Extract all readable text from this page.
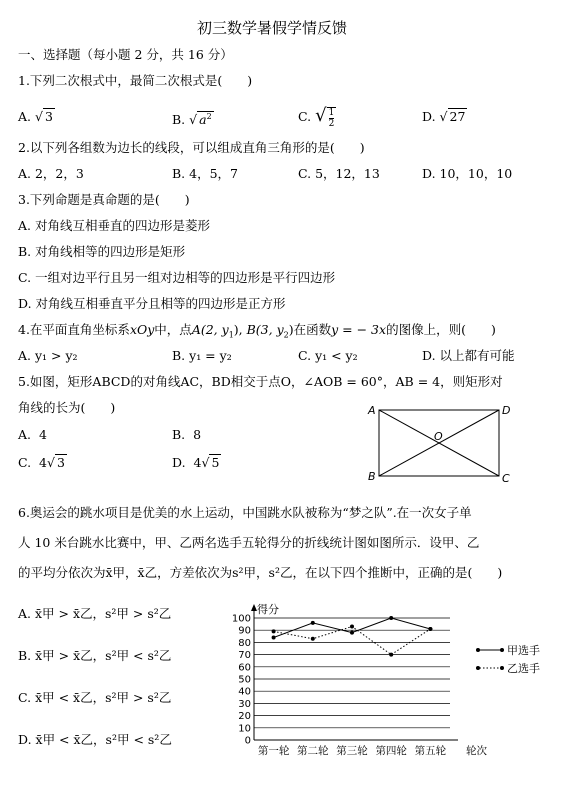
初三数学暑假学情反馈
一、选择题（每小题 2 分，共 16 分）
1.下列二次根式中，最简二次根式是(　　)
A. √ 3	B. √ $a^2$	C. √ $\frac{1}{2}$	D. √ 27
2.以下列各组数为边长的线段，可以组成直角三角形的是(　　)
A. 2，2，3	B. 4，5，7	C. 5，12，13	D. 10，10，10
3.下列命题是真命题的是(　　)
A. 对角线互相垂直的四边形是菱形
B. 对角线相等的四边形是矩形
C. 一组对边平行且另一组对边相等的四边形是平行四边形
D. 对角线互相垂直平分且相等的四边形是正方形
4.在平面直角坐标系xOy中，点A(2, $y_1$), B(3, $y_2$)在函数y = − 3x的图像上，则(　　)
A. y₁ > y₂	B. y₁ = y₂	C. y₁ < y₂	D. 以上都有可能
5.如图，矩形ABCD的对角线AC，BD相交于点O，∠AOB = 60°，AB = 4，则矩形对
角线的长为(　　)
A. 4	B. 8
C. 4√ 3	D. 4√ 5
A
B	C
D
O
6.奥运会的跳水项目是优美的水上运动，中国跳水队被称为“梦之队”.在一次女子单
人 10 米台跳水比赛中，甲、乙两名选手五轮得分的折线统计图如图所示．设甲、乙
的平均分依次为x̄甲，x̄乙，方差依次为s²甲，s²乙，在以下四个推断中，正确的是(　　)
A. x̄甲 > x̄乙，s²甲 > s²乙
B. x̄甲 > x̄乙，s²甲 < s²乙
C. x̄甲 < x̄乙，s²甲 > s²乙
D. x̄甲 < x̄乙，s²甲 < s²乙	0
10
20
30
40
50
60
70
80
90
100
得分
第一轮 第二轮 第三轮 第四轮 第五轮 轮次
甲选手
乙选手
